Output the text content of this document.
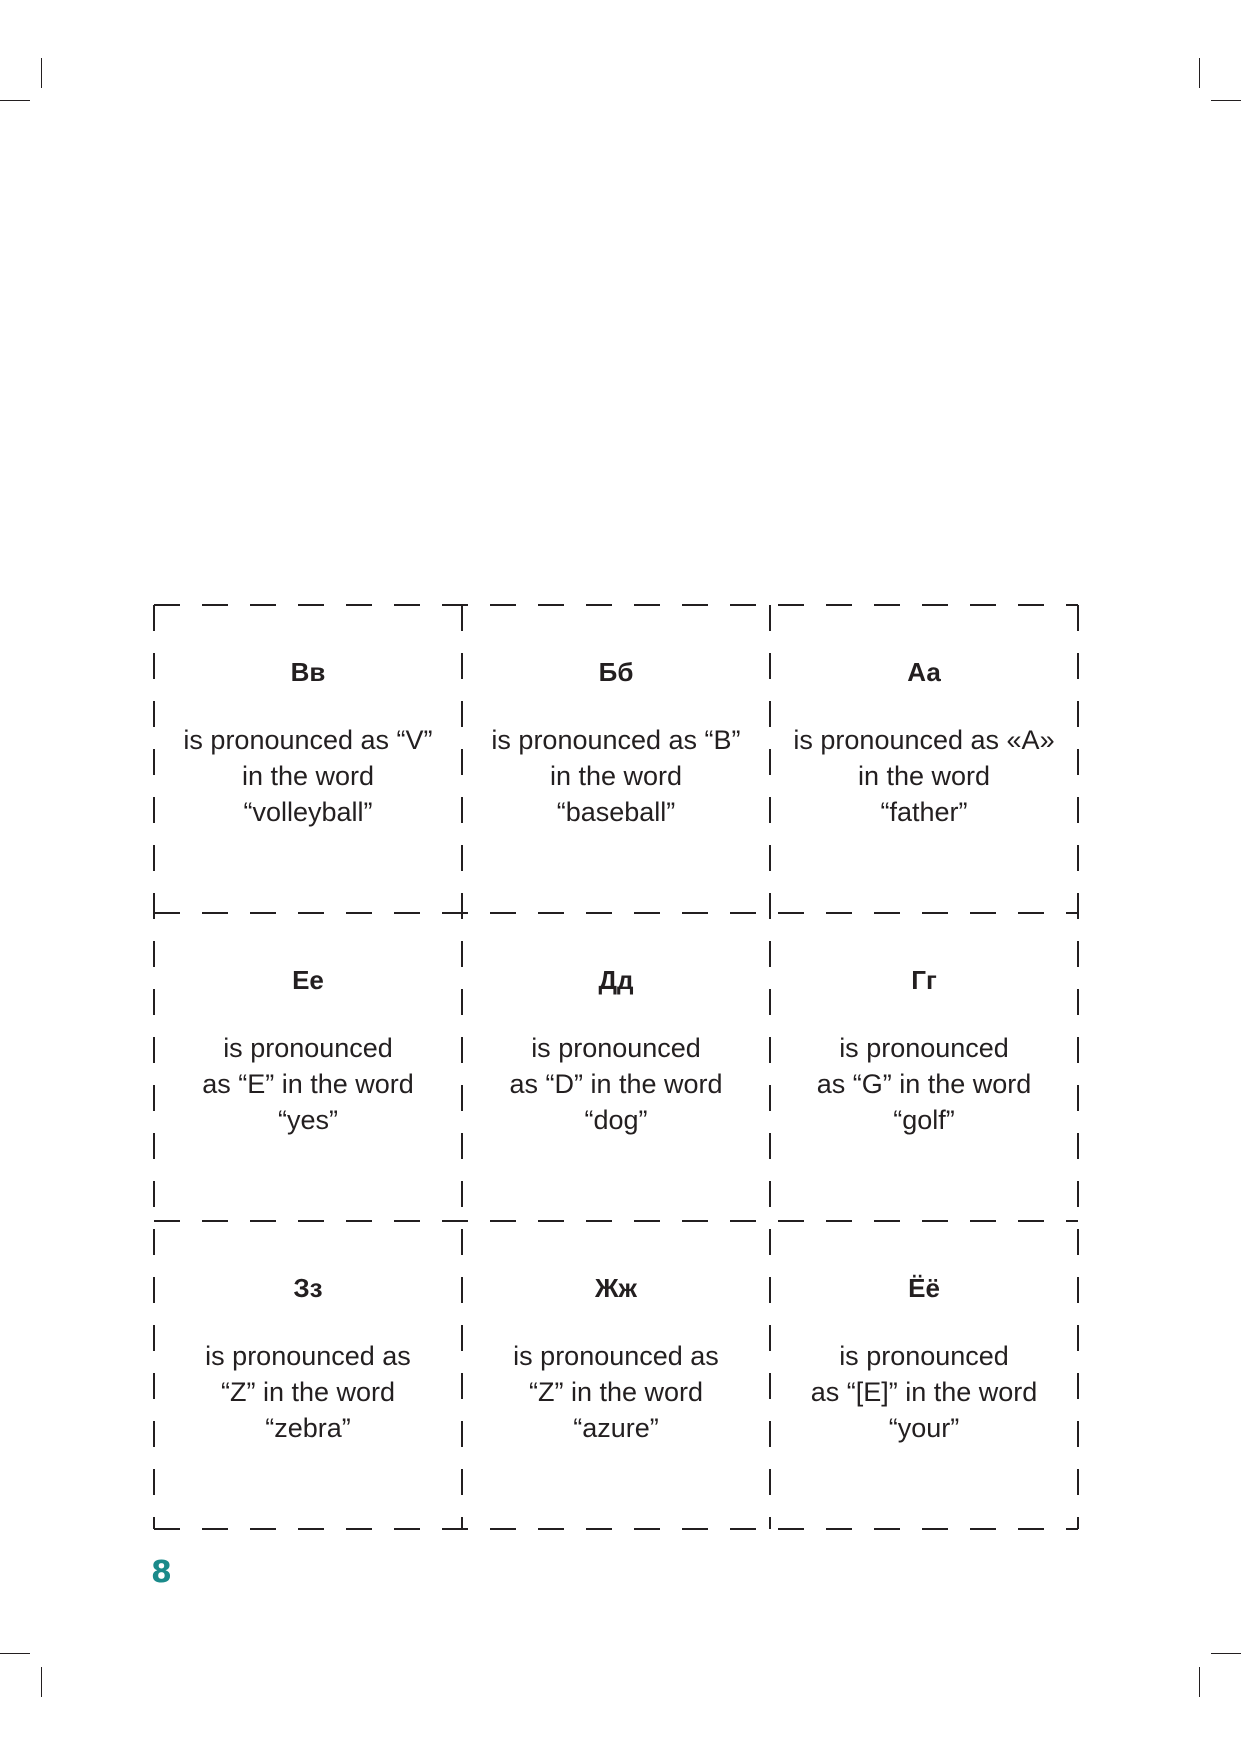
Вв
is pronounced as “V”
in the word
“volleyball”
Бб
is pronounced as “B”
in the word
“baseball”
Аа
is pronounced as «A»
in the word
“father”
Ее
is pronounced
as “E” in the word
“yes”
Дд
is pronounced
as “D” in the word
“dog”
Гг
is pronounced
as “G” in the word
“golf”
Зз
is pronounced as
“Z” in the word
“zebra”
Жж
is pronounced as
“Z” in the word
“azure”
Ёё
is pronounced
as “[E]” in the word
“your”
8
